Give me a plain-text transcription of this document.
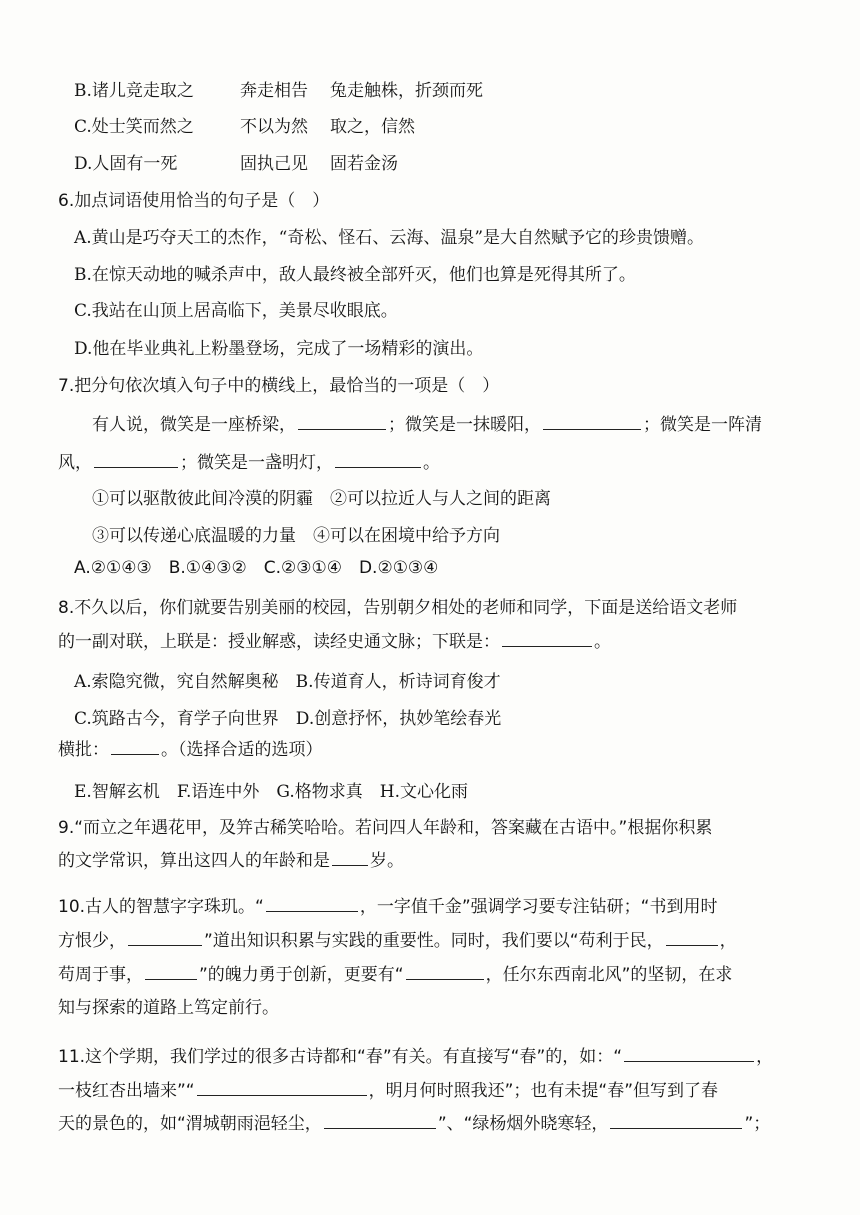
B.诸儿竞走取之	奔走相告 兔走触株，折颈而死
C.处士笑而然之	不以为然 取之，信然
D.人固有一死	固执己见 固若金汤
6.加点词语使用恰当的句子是（　）
A.黄山是巧夺天工的杰作，“奇松、怪石、云海、温泉”是大自然赋予它的珍贵馈赠。
B.在惊天动地的喊杀声中，敌人最终被全部歼灭，他们也算是死得其所了。
C.我站在山顶上居高临下，美景尽收眼底。
D.他在毕业典礼上粉墨登场，完成了一场精彩的演出。
7.把分句依次填入句子中的横线上，最恰当的一项是（　）
有人说，微笑是一座桥梁，	；微笑是一抹暖阳，	；微笑是一阵清
风，	；微笑是一盏明灯，	。
①可以驱散彼此间冷漠的阴霾　②可以拉近人与人之间的距离
③可以传递心底温暖的力量　④可以在困境中给予方向
A.②①④③　B.①④③②　C.②③①④　D.②①③④
8.不久以后，你们就要告别美丽的校园，告别朝夕相处的老师和同学，下面是送给语文老师
的一副对联，上联是：授业解惑，读经史通文脉；下联是：	。
A.索隐究微，究自然解奥秘　B.传道育人，析诗词育俊才
C.筑路古今，育学子向世界　D.创意抒怀，执妙笔绘春光
横批：	。（选择合适的选项）
E.智解玄机　F.语连中外　G.格物求真　H.文心化雨
9.“而立之年遇花甲，及笄古稀笑哈哈。若问四人年龄和，答案藏在古语中。”根据你积累
的文学常识，算出这四人的年龄和是 岁。
10.古人的智慧字字珠玑。“	，一字值千金”强调学习要专注钻研；“书到用时
方恨少，	”道出知识积累与实践的重要性。同时，我们要以“苟利于民，	，
苟周于事，	”的魄力勇于创新，更要有“	，任尔东西南北风”的坚韧，在求
知与探索的道路上笃定前行。
11.这个学期，我们学过的很多古诗都和“春”有关。有直接写“春”的，如：“	，
一枝红杏出墙来”“	，明月何时照我还”；也有未提“春”但写到了春
天的景色的，如“渭城朝雨浥轻尘，	”、“绿杨烟外晓寒轻，	”；
